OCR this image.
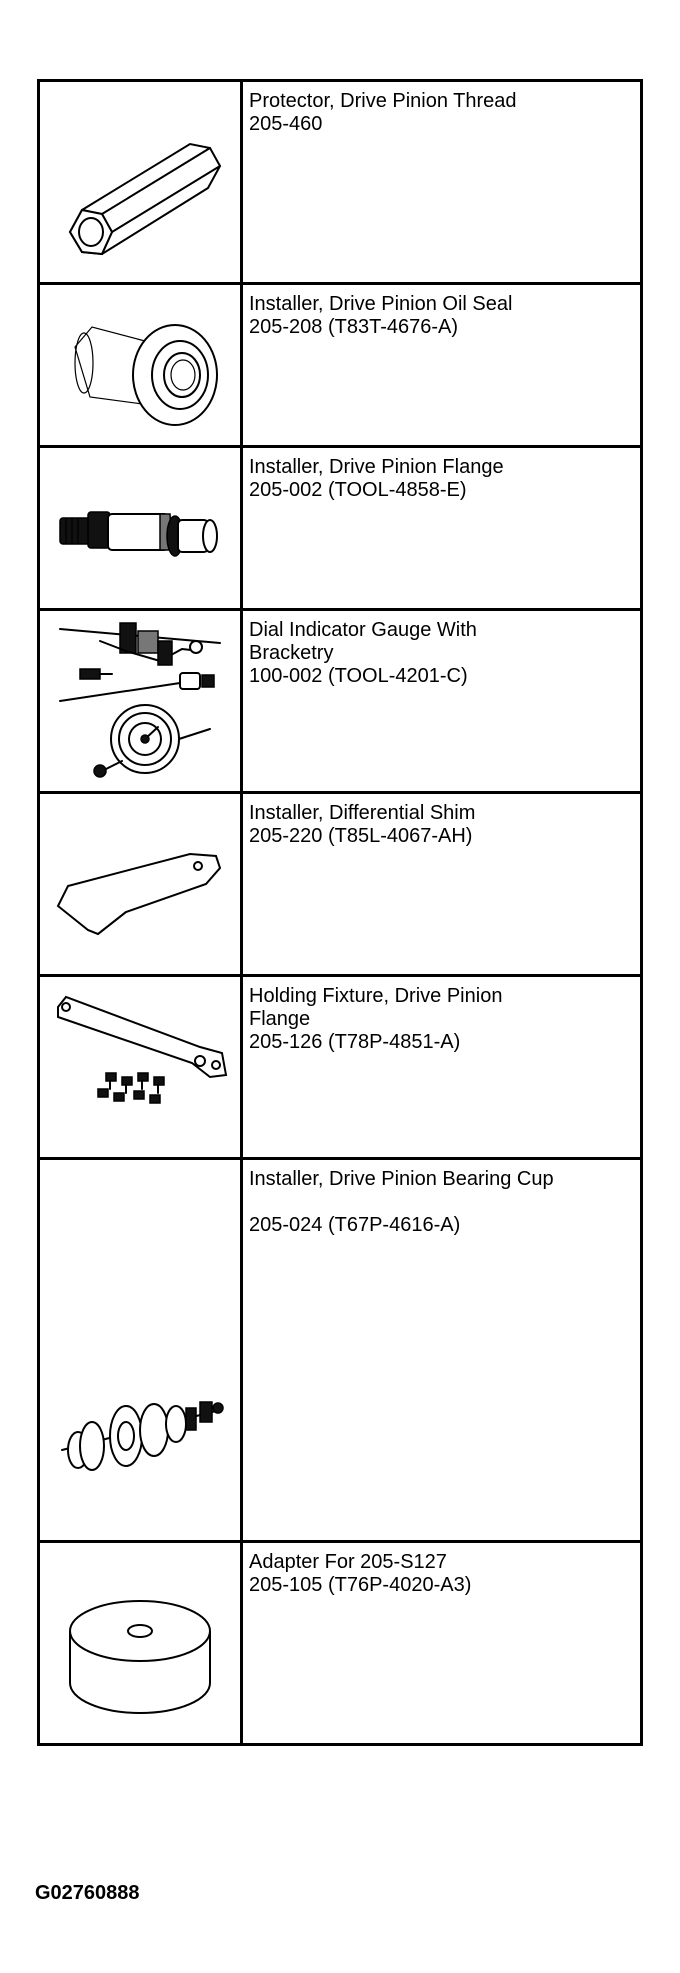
Protector, Drive Pinion Thread
205-460

Installer, Drive Pinion Oil Seal
205-208 (T83T-4676-A)

Installer, Drive Pinion Flange
205-002 (TOOL-4858-E)

Dial Indicator Gauge With
Bracketry
100-002 (TOOL-4201-C)

Installer, Differential Shim
205-220 (T85L-4067-AH)

Holding Fixture, Drive Pinion
Flange
205-126 (T78P-4851-A)

Installer, Drive Pinion Bearing Cup
205-024 (T67P-4616-A)

Adapter For 205-S127
205-105 (T76P-4020-A3)
G02760888
